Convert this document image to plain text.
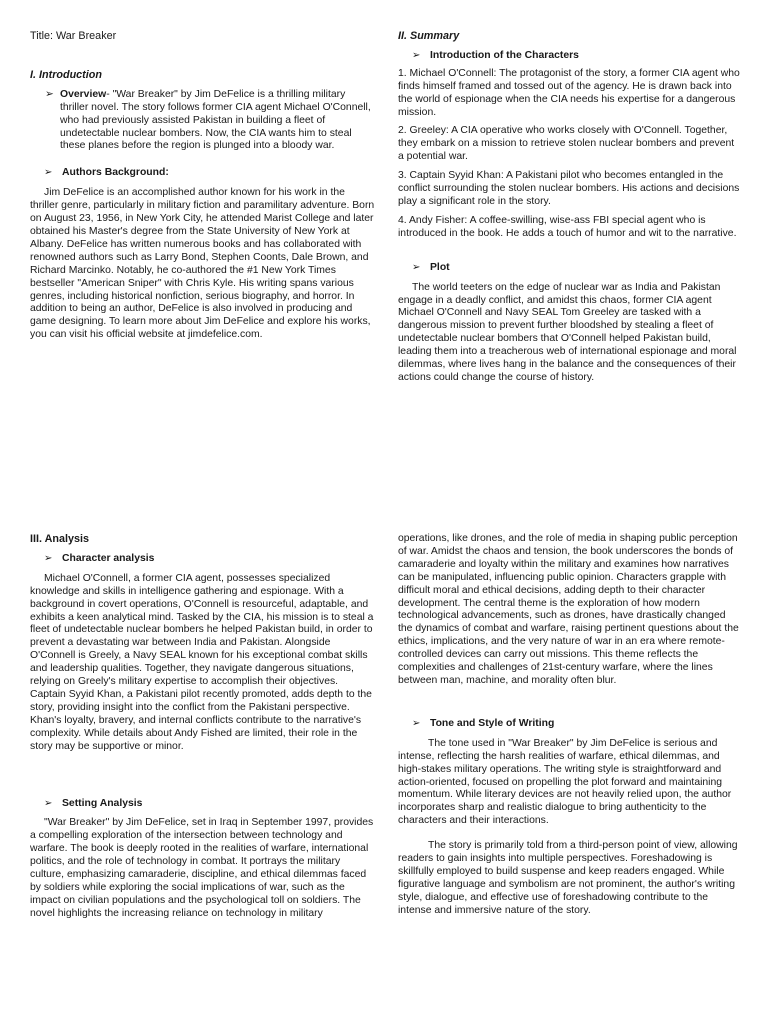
Title: War Breaker

I. Introduction

➢ Overview- "War Breaker" by Jim DeFelice is a thrilling military thriller novel. The story follows former CIA agent Michael O'Connell, who had previously assisted Pakistan in building a fleet of undetectable nuclear bombers. Now, the CIA wants him to steal these planes before the region is plunged into a bloody war.

➢ Authors Background:

Jim DeFelice is an accomplished author known for his work in the thriller genre, particularly in military fiction and paramilitary adventure. Born on August 23, 1956, in New York City, he attended Marist College and later obtained his Master's degree from the State University of New York at Albany. DeFelice has written numerous books and has collaborated with renowned authors such as Larry Bond, Stephen Coonts, Dale Brown, and Richard Marcinko. Notably, he co-authored the #1 New York Times bestseller "American Sniper" with Chris Kyle. His writing spans various genres, including historical nonfiction, serious biography, and horror. In addition to being an author, DeFelice is also involved in producing and game designing. To learn more about Jim DeFelice and explore his works, you can visit his official website at jimdefelice.com.

II. Summary

➢ Introduction of the Characters

1. Michael O'Connell: The protagonist of the story, a former CIA agent who finds himself framed and tossed out of the agency. He is drawn back into the world of espionage when the CIA needs his expertise for a dangerous mission.

2. Greeley: A CIA operative who works closely with O'Connell. Together, they embark on a mission to retrieve stolen nuclear bombers and prevent a potential war.

3. Captain Syyid Khan: A Pakistani pilot who becomes entangled in the conflict surrounding the stolen nuclear bombers. His actions and decisions play a significant role in the story.

4. Andy Fisher: A coffee-swilling, wise-ass FBI special agent who is introduced in the book. He adds a touch of humor and wit to the narrative.

➢ Plot

The world teeters on the edge of nuclear war as India and Pakistan engage in a deadly conflict, and amidst this chaos, former CIA agent Michael O'Connell and Navy SEAL Tom Greeley are tasked with a dangerous mission to prevent further bloodshed by stealing a fleet of undetectable nuclear bombers that O'Connell helped Pakistan build, leading them into a treacherous web of international espionage and moral dilemmas, where lives hang in the balance and the consequences of their actions could change the course of history.

III. Analysis

➢ Character analysis

Michael O'Connell, a former CIA agent, possesses specialized knowledge and skills in intelligence gathering and espionage. With a background in covert operations, O'Connell is resourceful, adaptable, and exhibits a keen analytical mind. Tasked by the CIA, his mission is to steal a fleet of undetectable nuclear bombers he helped Pakistan build, in order to prevent a devastating war between India and Pakistan. Alongside O'Connell is Greely, a Navy SEAL known for his exceptional combat skills and leadership qualities. Together, they navigate dangerous situations, relying on Greely's military expertise to accomplish their objectives. Captain Syyid Khan, a Pakistani pilot recently promoted, adds depth to the story, providing insight into the conflict from the Pakistani perspective. Khan's loyalty, bravery, and internal conflicts contribute to the narrative's complexity. While details about Andy Fished are limited, their role in the story may be supportive or minor.

➢ Setting Analysis

"War Breaker" by Jim DeFelice, set in Iraq in September 1997, provides a compelling exploration of the intersection between technology and warfare. The book is deeply rooted in the realities of warfare, international politics, and the role of technology in combat. It portrays the military culture, emphasizing camaraderie, discipline, and ethical dilemmas faced by soldiers while exploring the social implications of war, such as the impact on civilian populations and the psychological toll on soldiers. The novel highlights the increasing reliance on technology in military

operations, like drones, and the role of media in shaping public perception of war. Amidst the chaos and tension, the book underscores the bonds of camaraderie and loyalty within the military and examines how narratives can be manipulated, influencing public opinion. Characters grapple with difficult moral and ethical decisions, adding depth to their character development. The central theme is the exploration of how modern technological advancements, such as drones, have drastically changed the dynamics of combat and warfare, raising pertinent questions about the ethics, implications, and the very nature of war in an era where remote-controlled devices can carry out missions. This theme reflects the complexities and challenges of 21st-century warfare, where the lines between man, machine, and morality often blur.

➢ Tone and Style of Writing

The tone used in "War Breaker" by Jim DeFelice is serious and intense, reflecting the harsh realities of warfare, ethical dilemmas, and high-stakes military operations. The writing style is straightforward and action-oriented, focused on propelling the plot forward and maintaining momentum. While literary devices are not heavily relied upon, the author incorporates sharp and realistic dialogue to bring authenticity to the characters and their interactions.

The story is primarily told from a third-person point of view, allowing readers to gain insights into multiple perspectives. Foreshadowing is skillfully employed to build suspense and keep readers engaged. While figurative language and symbolism are not prominent, the author's writing style, dialogue, and effective use of foreshadowing contribute to the intense and immersive nature of the story.
